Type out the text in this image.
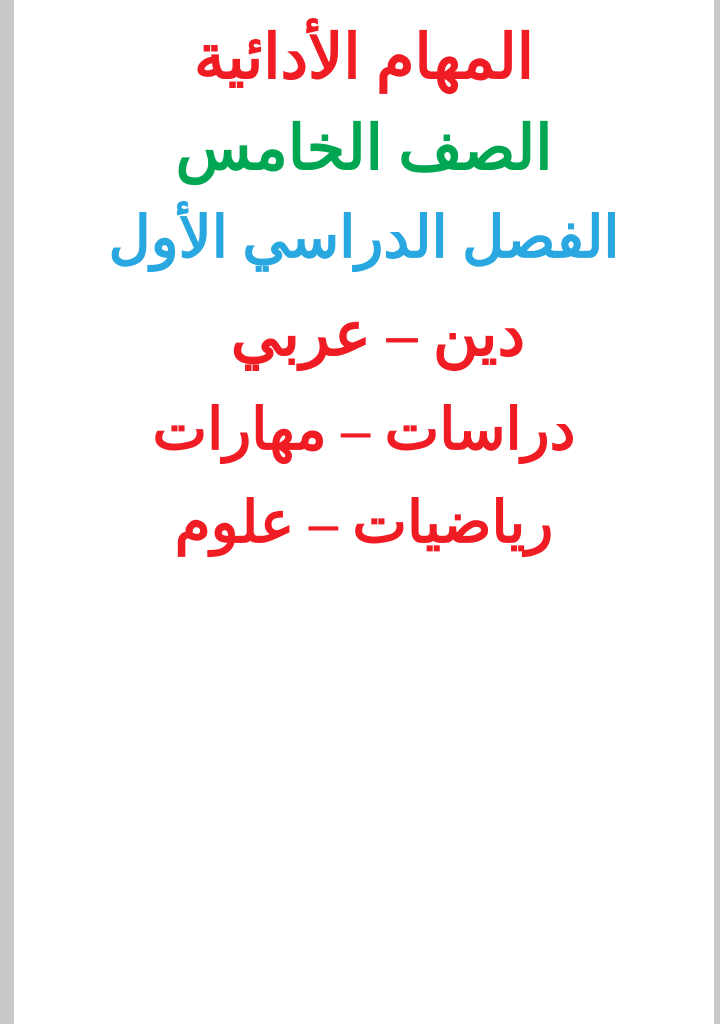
المهام الأدائية
الصف الخامس
الفصل الدراسي الأول
دين – عربي
دراسات – مهارات
رياضيات – علوم
